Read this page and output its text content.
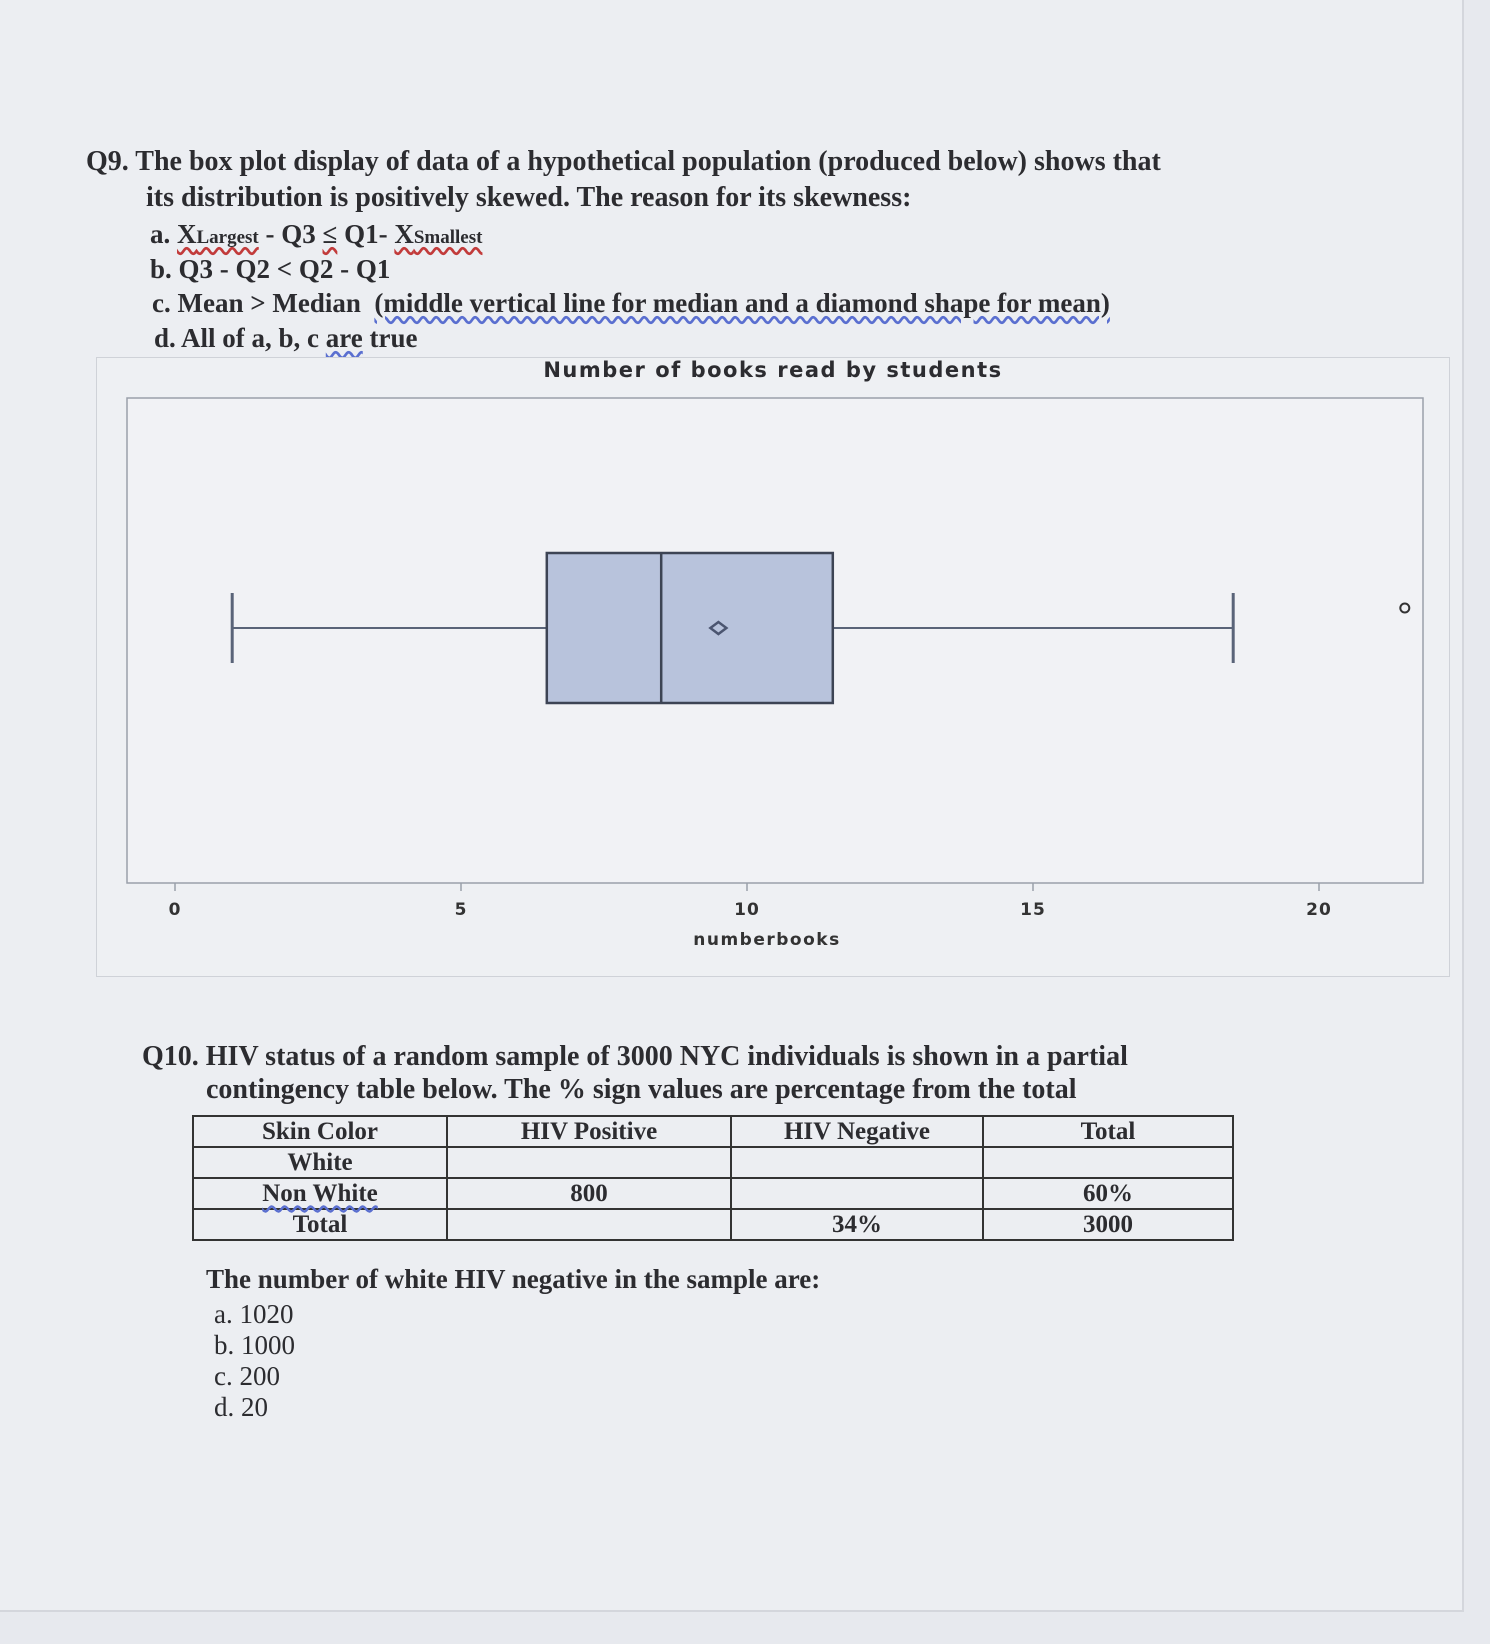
Q9. The box plot display of data of a hypothetical population (produced below) shows that

its distribution is positively skewed. The reason for its skewness:

a. XLargest - Q3 ≤ Q1- XSmallest

b. Q3 - Q2 < Q2 - Q1

c. Mean > Median (middle vertical line for median and a diamond shape for mean)

d. All of a, b, c are true

Number of books read by students
0	5	10	15	20
numberbooks

Q10. HIV status of a random sample of 3000 NYC individuals is shown in a partial

contingency table below. The % sign values are percentage from the total

Skin Color	HIV Positive	HIV Negative	Total
White			
Non White	800		60%
Total		34%	3000

The number of white HIV negative in the sample are:

a. 1020

b. 1000

c. 200

d. 20
